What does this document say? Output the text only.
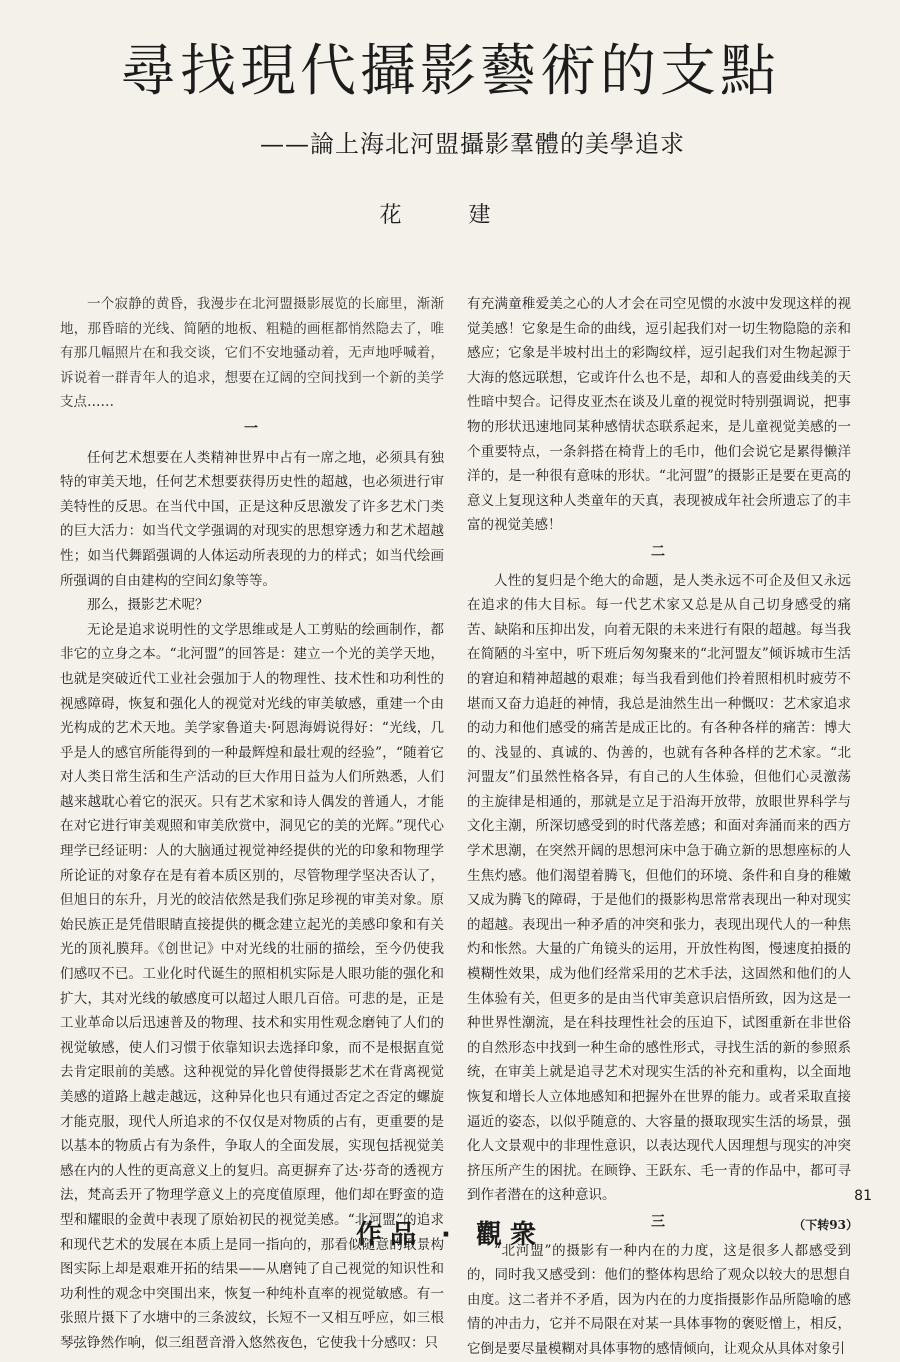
尋找現代攝影藝術的支點
——論上海北河盟攝影羣體的美學追求
花 建

一个寂静的黄昏，我漫步在北河盟摄影展览的长廊里，渐渐地，那昏暗的光线、简陋的地板、粗糙的画框都悄然隐去了，唯有那几幅照片在和我交谈，它们不安地骚动着，无声地呼喊着，诉说着一群青年人的追求，想要在辽阔的空间找到一个新的美学支点……

一

任何艺术想要在人类精神世界中占有一席之地，必须具有独特的审美天地，任何艺术想要获得历史性的超越，也必须进行审美特性的反思。在当代中国，正是这种反思激发了许多艺术门类的巨大活力：如当代文学强调的对现实的思想穿透力和艺术超越性；如当代舞蹈强调的人体运动所表现的力的样式；如当代绘画所强调的自由建构的空间幻象等等。

那么，摄影艺术呢？

无论是追求说明性的文学思维或是人工剪贴的绘画制作，都非它的立身之本。“北河盟”的回答是：建立一个光的美学天地，也就是突破近代工业社会强加于人的物理性、技术性和功利性的视感障碍，恢复和强化人的视觉对光线的审美敏感，重建一个由光构成的艺术天地。美学家鲁道夫·阿恩海姆说得好：“光线，几乎是人的感官所能得到的一种最辉煌和最壮观的经验”，“随着它对人类日常生活和生产活动的巨大作用日益为人们所熟悉，人们越来越耽心着它的泯灭。只有艺术家和诗人偶发的普通人，才能在对它进行审美观照和审美欣赏中，洞见它的美的光辉。”现代心理学已经证明：人的大脑通过视觉神经提供的光的印象和物理学所论证的对象存在是有着本质区别的，尽管物理学坚决否认了，但旭日的东升，月光的皎洁依然是我们弥足珍视的审美对象。原始民族正是凭借眼睛直接提供的概念建立起光的美感印象和有关光的顶礼膜拜。《创世记》中对光线的壮丽的描绘，至今仍使我们感叹不已。工业化时代诞生的照相机实际是人眼功能的强化和扩大，其对光线的敏感度可以超过人眼几百倍。可悲的是，正是工业革命以后迅速普及的物理、技术和实用性观念磨钝了人们的视觉敏感，使人们习惯于依靠知识去选择印象，而不是根据直觉去肯定眼前的美感。这种视觉的异化曾使得摄影艺术在背离视觉美感的道路上越走越远，这种异化也只有通过否定之否定的螺旋才能克服，现代人所追求的不仅仅是对物质的占有，更重要的是以基本的物质占有为条件，争取人的全面发展，实现包括视觉美感在内的人性的更高意义上的复归。高更摒弃了达·芬奇的透视方法，梵高丢开了物理学意义上的亮度值原理，他们却在野蛮的造型和耀眼的金黄中表现了原始初民的视觉美感。“北河盟”的追求和现代艺术的发展在本质上是同一指向的，那看似随意的取景构图实际上却是艰难开拓的结果——从磨钝了自己视觉的知识性和功利性的观念中突围出来，恢复一种纯朴直率的视觉敏感。有一张照片摄下了水塘中的三条波纹，长短不一又相互呼应，如三根琴弦铮然作响，似三组琶音滑入悠然夜色，它使我十分感叹：只

有充满童稚爱美之心的人才会在司空见惯的水波中发现这样的视觉美感！它象是生命的曲线，逗引起我们对一切生物隐隐的亲和感应；它象是半坡村出土的彩陶纹样，逗引起我们对生物起源于大海的悠远联想，它或许什么也不是，却和人的喜爱曲线美的天性暗中契合。记得皮亚杰在谈及儿童的视觉时特别强调说，把事物的形状迅速地同某种感情状态联系起来，是儿童视觉美感的一个重要特点，一条斜搭在椅背上的毛巾，他们会说它是累得懒洋洋的，是一种很有意味的形状。“北河盟”的摄影正是要在更高的意义上复现这种人类童年的天真，表现被成年社会所遗忘了的丰富的视觉美感！

二

人性的复归是个绝大的命题，是人类永远不可企及但又永远在追求的伟大目标。每一代艺术家又总是从自己切身感受的痛苦、缺陷和压抑出发，向着无限的未来进行有限的超越。每当我在简陋的斗室中，听下班后匆匆聚来的“北河盟友”倾诉城市生活的窘迫和精神超越的艰难；每当我看到他们拎着照相机时疲劳不堪而又奋力追赶的神情，我总是油然生出一种慨叹：艺术家追求的动力和他们感受的痛苦是成正比的。有各种各样的痛苦：博大的、浅显的、真诚的、伪善的，也就有各种各样的艺术家。“北河盟友”们虽然性格各异，有自己的人生体验，但他们心灵激荡的主旋律是相通的，那就是立足于沿海开放带，放眼世界科学与文化主潮，所深切感受到的时代落差感；和面对奔涌而来的西方学术思潮，在突然开阔的思想河床中急于确立新的思想座标的人生焦灼感。他们渴望着腾飞，但他们的环境、条件和自身的稚嫩又成为腾飞的障碍，于是他们的摄影构思常常表现出一种对现实的超越。表现出一种矛盾的冲突和张力，表现出现代人的一种焦灼和怅然。大量的广角镜头的运用，开放性构图，慢速度拍摄的模糊性效果，成为他们经常采用的艺术手法，这固然和他们的人生体验有关，但更多的是由当代审美意识启悟所致，因为这是一种世界性潮流，是在科技理性社会的压迫下，试图重新在非世俗的自然形态中找到一种生命的感性形式，寻找生活的新的参照系统，在审美上就是追寻艺术对现实生活的补充和重构，以全面地恢复和增长人立体地感知和把握外在世界的能力。或者采取直接逼近的姿态，以似乎随意的、大容量的摄取现实生活的场景，强化人文景观中的非理性意识，以表达现代人因理想与现实的冲突挤压所产生的困扰。在顾铮、王跃东、毛一青的作品中，都可寻到作者潜在的这种意识。

三

“北河盟”的摄影有一种内在的力度，这是很多人都感受到的，同时我又感受到：他们的整体构思给了观众以较大的思想自由度。这二者并不矛盾，因为内在的力度指摄影作品所隐喻的感情的冲击力，它并不局限在对某一具体事物的褒贬憎上，相反，它倒是要尽量模糊对具体事物的感情倾向，让观众从具体对象引

81
（下转93）
作品 · 觀衆
